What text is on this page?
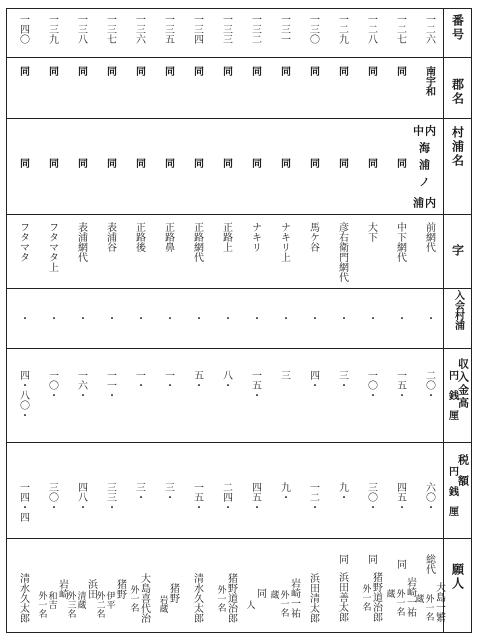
番号
郡名
村浦名
字
入会村浦
収入金高
円
銭
厘
税
額
円
銭
厘
願人
中 内
海浦ノ
浦 内
一二六
南宇和
前網代
・
二〇・
六〇・
総代
大島一繁
外一名
蔵
一二七
同
同
中下網代
・
一五・
四五・
同
岩崎一祐
外一名
蔵
一二八
同
同
大下
・
一〇・
三〇・
同
猪野道治郎
外一名
一二九
同
同
彦右衛門網代
・
三・
九・
同
浜田善太郎
一三〇
同
同
馬ケ谷
・
四・
一二・
浜田清太郎
一三一
同
同
ナキリ上
・
三
九・
岩崎一祐
外一名
蔵
一三二
同
同
ナキリ
・
一五・
四五・
同
人
一三三
同
同
正路上
・
八・
二四・
猪野道治郎
外一名
一三四
同
同
正路網代
・
五・
一五・
清水久太郎
一三五
同
同
正路鼻
・
一・
三・
猪野
岩蔵
一三六
同
同
正路後
・
一・
三・
大島喜代治
外一名
一三七
同
同
表浦谷
・
一一・
三三・
猪野
伊平
外二名
一三八
同
同
表浦網代
・
一六・
四八・
浜田
清蔵
外三名
一三九
同
同
フタマタ上
・
一〇・
三〇・
岩崎
和吉
外一名
一四〇
同
同
フタマタ
・
四・八〇・
一四・四
清水久太郎
